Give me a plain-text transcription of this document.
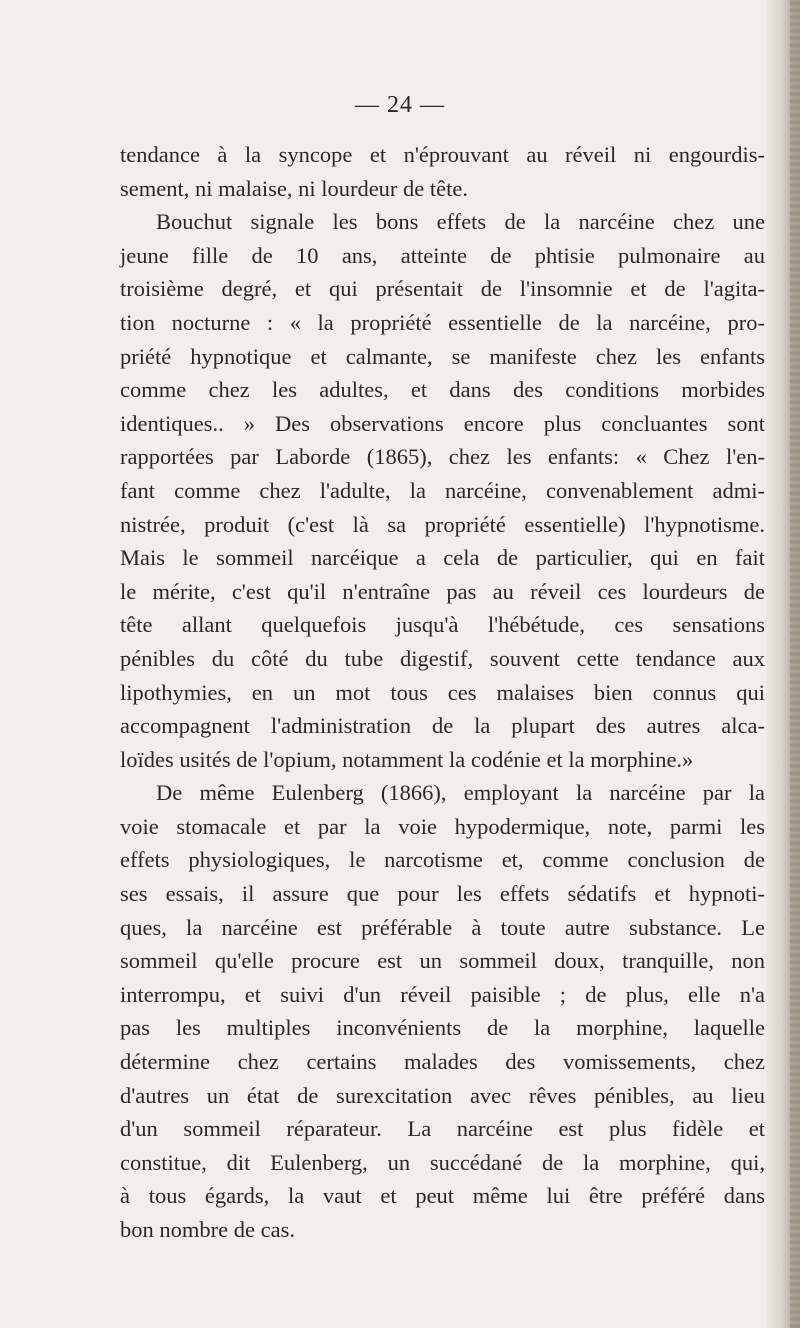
— 24 —
tendance à la syncope et n'éprouvant au réveil ni engourdis-
sement, ni malaise, ni lourdeur de tête.
Bouchut signale les bons effets de la narcéine chez une
jeune fille de 10 ans, atteinte de phtisie pulmonaire au
troisième degré, et qui présentait de l'insomnie et de l'agita-
tion nocturne : « la propriété essentielle de la narcéine, pro-
priété hypnotique et calmante, se manifeste chez les enfants
comme chez les adultes, et dans des conditions morbides
identiques.. » Des observations encore plus concluantes sont
rapportées par Laborde (1865), chez les enfants: « Chez l'en-
fant comme chez l'adulte, la narcéine, convenablement admi-
nistrée, produit (c'est là sa propriété essentielle) l'hypnotisme.
Mais le sommeil narcéique a cela de particulier, qui en fait
le mérite, c'est qu'il n'entraîne pas au réveil ces lourdeurs de
tête allant quelquefois jusqu'à l'hébétude, ces sensations
pénibles du côté du tube digestif, souvent cette tendance aux
lipothymies, en un mot tous ces malaises bien connus qui
accompagnent l'administration de la plupart des autres alca-
loïdes usités de l'opium, notamment la codénie et la morphine.»
De même Eulenberg (1866), employant la narcéine par la
voie stomacale et par la voie hypodermique, note, parmi les
effets physiologiques, le narcotisme et, comme conclusion de
ses essais, il assure que pour les effets sédatifs et hypnoti-
ques, la narcéine est préférable à toute autre substance. Le
sommeil qu'elle procure est un sommeil doux, tranquille, non
interrompu, et suivi d'un réveil paisible ; de plus, elle n'a
pas les multiples inconvénients de la morphine, laquelle
détermine chez certains malades des vomissements, chez
d'autres un état de surexcitation avec rêves pénibles, au lieu
d'un sommeil réparateur. La narcéine est plus fidèle et
constitue, dit Eulenberg, un succédané de la morphine, qui,
à tous égards, la vaut et peut même lui être préféré dans
bon nombre de cas.
